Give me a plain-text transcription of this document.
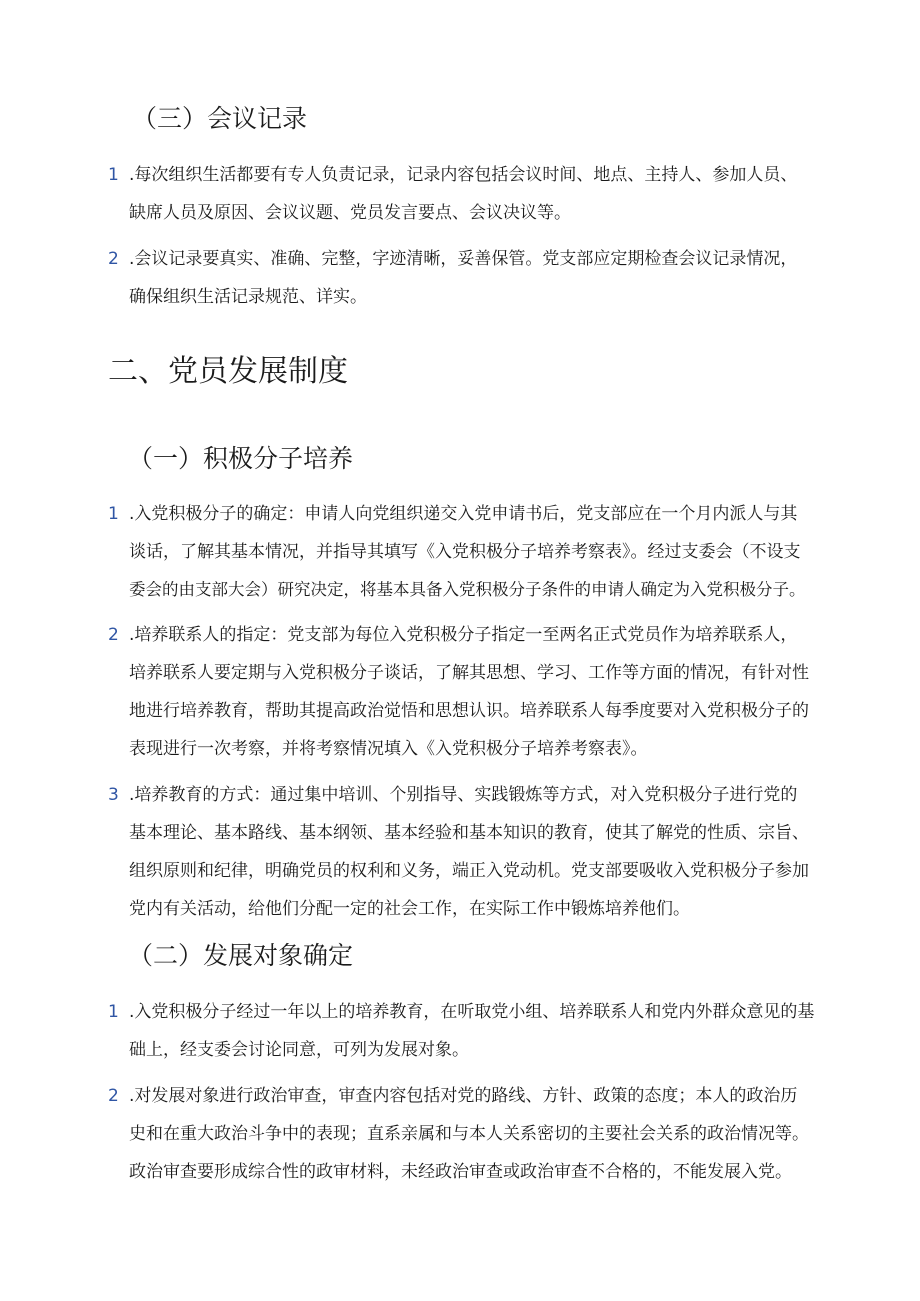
（三）会议记录
1 .每次组织生活都要有专人负责记录，记录内容包括会议时间、地点、主持人、参加人员、
缺席人员及原因、会议议题、党员发言要点、会议决议等。
2 .会议记录要真实、准确、完整，字迹清晰，妥善保管。党支部应定期检查会议记录情况，
确保组织生活记录规范、详实。
二、党员发展制度
（一）积极分子培养
1 .入党积极分子的确定：申请人向党组织递交入党申请书后，党支部应在一个月内派人与其
谈话，了解其基本情况，并指导其填写《入党积极分子培养考察表》。经过支委会（不设支
委会的由支部大会）研究决定，将基本具备入党积极分子条件的申请人确定为入党积极分子。
2 .培养联系人的指定：党支部为每位入党积极分子指定一至两名正式党员作为培养联系人，
培养联系人要定期与入党积极分子谈话，了解其思想、学习、工作等方面的情况，有针对性
地进行培养教育，帮助其提高政治觉悟和思想认识。培养联系人每季度要对入党积极分子的
表现进行一次考察，并将考察情况填入《入党积极分子培养考察表》。
3 .培养教育的方式：通过集中培训、个别指导、实践锻炼等方式，对入党积极分子进行党的
基本理论、基本路线、基本纲领、基本经验和基本知识的教育，使其了解党的性质、宗旨、
组织原则和纪律，明确党员的权利和义务，端正入党动机。党支部要吸收入党积极分子参加
党内有关活动，给他们分配一定的社会工作，在实际工作中锻炼培养他们。
（二）发展对象确定
1 .入党积极分子经过一年以上的培养教育，在听取党小组、培养联系人和党内外群众意见的基
础上，经支委会讨论同意，可列为发展对象。
2 .对发展对象进行政治审查，审查内容包括对党的路线、方针、政策的态度；本人的政治历
史和在重大政治斗争中的表现；直系亲属和与本人关系密切的主要社会关系的政治情况等。
政治审查要形成综合性的政审材料，未经政治审查或政治审查不合格的，不能发展入党。
